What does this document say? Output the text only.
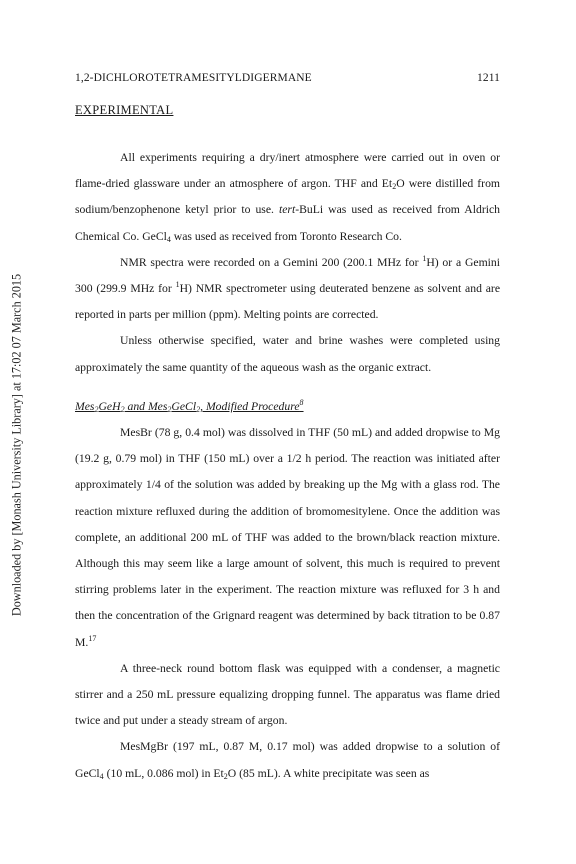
Downloaded by [Monash University Library] at 17:02 07 March 2015
1,2-DICHLOROTETRAMESITYLDIGERMANE	1211
EXPERIMENTAL

All experiments requiring a dry/inert atmosphere were carried out in oven or flame-dried glassware under an atmosphere of argon. THF and $Et_2O$ were distilled from sodium/benzophenone ketyl prior to use. tert-BuLi was used as received from Aldrich Chemical Co. GeCl$_4$ was used as received from Toronto Research Co.

NMR spectra were recorded on a Gemini 200 (200.1 MHz for $^1$H) or a Gemini 300 (299.9 MHz for $^1$H) NMR spectrometer using deuterated benzene as solvent and are reported in parts per million (ppm). Melting points are corrected.

Unless otherwise specified, water and brine washes were completed using approximately the same quantity of the aqueous wash as the organic extract.

Mes$_2$GeH$_2$ and Mes$_2$GeCl$_2$, Modified Procedure$^8$

MesBr (78 g, 0.4 mol) was dissolved in THF (50 mL) and added dropwise to Mg (19.2 g, 0.79 mol) in THF (150 mL) over a 1/2 h period. The reaction was initiated after approximately 1/4 of the solution was added by breaking up the Mg with a glass rod. The reaction mixture refluxed during the addition of bromomesitylene. Once the addition was complete, an additional 200 mL of THF was added to the brown/black reaction mixture. Although this may seem like a large amount of solvent, this much is required to prevent stirring problems later in the experiment. The reaction mixture was refluxed for 3 h and then the concentration of the Grignard reagent was determined by back titration to be 0.87 M.$^{17}$

A three-neck round bottom flask was equipped with a condenser, a magnetic stirrer and a 250 mL pressure equalizing dropping funnel. The apparatus was flame dried twice and put under a steady stream of argon.

MesMgBr (197 mL, 0.87 M, 0.17 mol) was added dropwise to a solution of GeCl$_4$ (10 mL, 0.086 mol) in $Et_2O$ (85 mL). A white precipitate was seen as
